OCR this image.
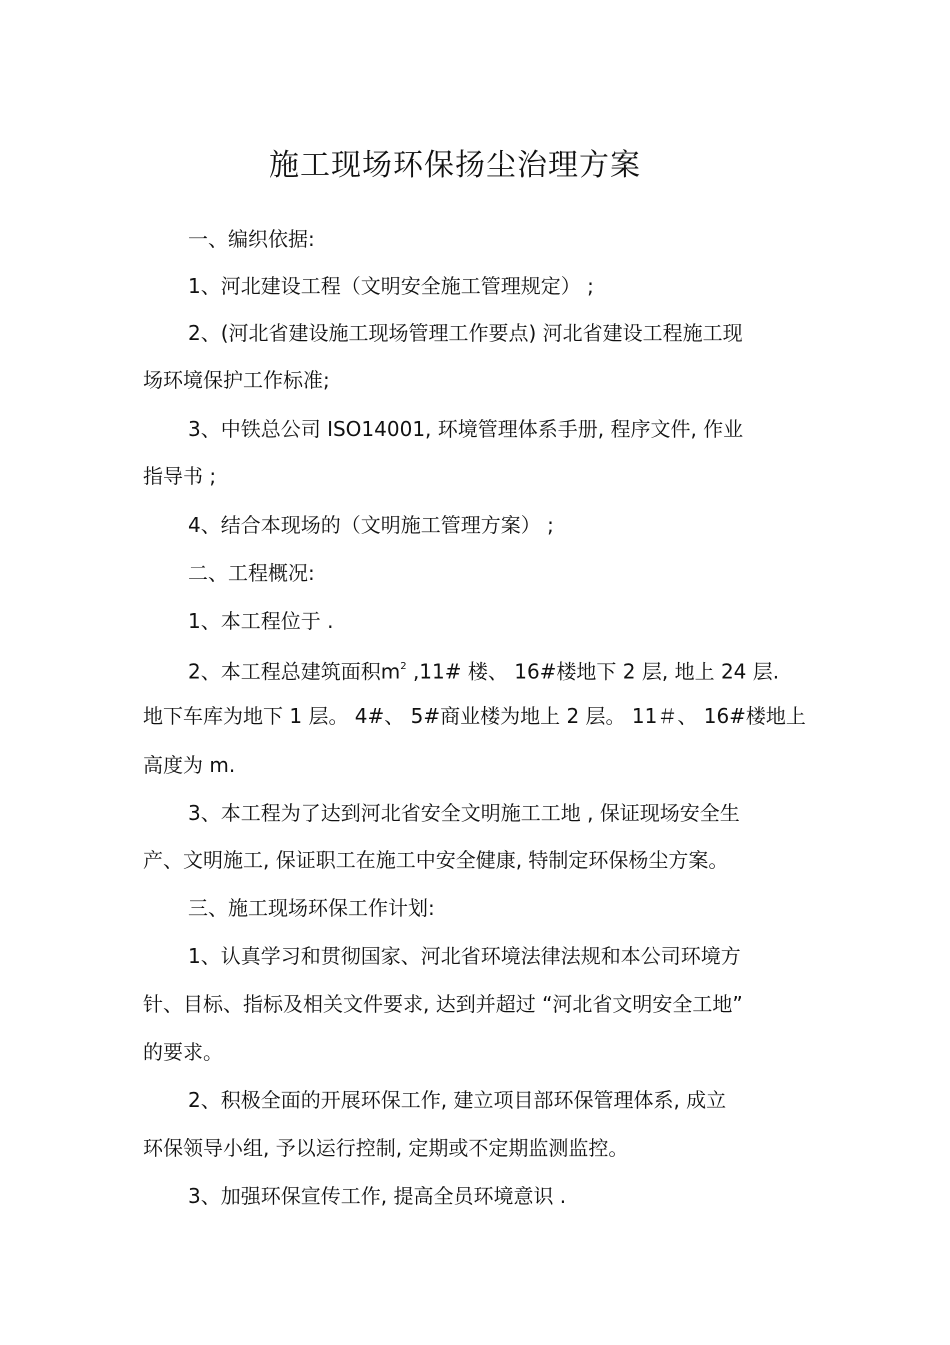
施工现场环保扬尘治理方案
一、编织依据:
1、河北建设工程（文明安全施工管理规定） ;
2、(河北省建设施工现场管理工作要点) 河北省建设工程施工现
场环境保护工作标准;
3、中铁总公司 ISO14001, 环境管理体系手册, 程序文件, 作业
指导书 ;
4、结合本现场的（文明施工管理方案） ;
二、工程概况:
1、本工程位于 .
2、本工程总建筑面积$m^2$ ,11# 楼、 16#楼地下 2 层, 地上 24 层.
地下车库为地下 1 层。 4#、 5#商业楼为地上 2 层。 11＃、 16#楼地上
高度为 m.
3、本工程为了达到河北省安全文明施工工地 , 保证现场安全生
产、文明施工, 保证职工在施工中安全健康, 特制定环保杨尘方案。
三、施工现场环保工作计划:
1、认真学习和贯彻国家、河北省环境法律法规和本公司环境方
针、目标、指标及相关文件要求, 达到并超过 “河北省文明安全工地”
的要求。
2、积极全面的开展环保工作, 建立项目部环保管理体系, 成立
环保领导小组, 予以运行控制, 定期或不定期监测监控。
3、加强环保宣传工作, 提高全员环境意识 .
